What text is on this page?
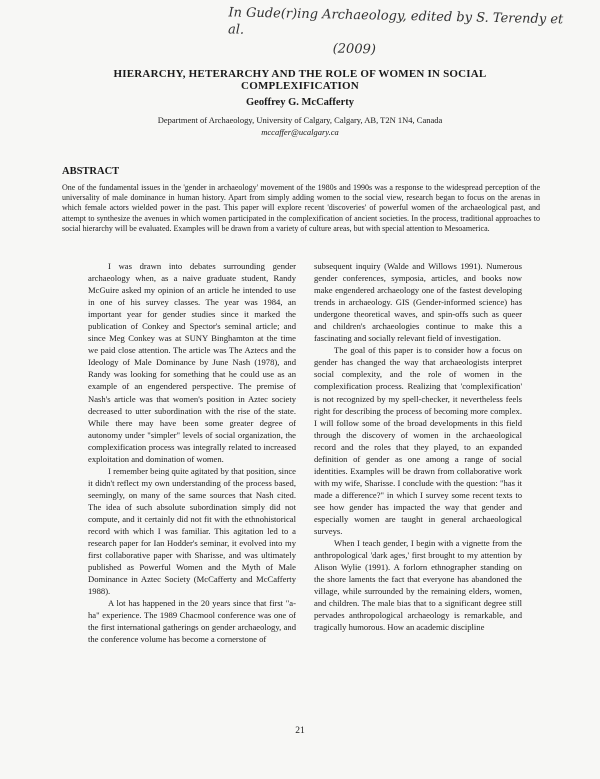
In Gude(r)ing Archaeology, edited by S. Terendy et al.
(2009)
HIERARCHY, HETERARCHY AND THE ROLE OF WOMEN IN SOCIAL
COMPLEXIFICATION
Geoffrey G. McCafferty
Department of Archaeology, University of Calgary, Calgary, AB, T2N 1N4, Canada
mccaffer@ucalgary.ca
ABSTRACT
One of the fundamental issues in the 'gender in archaeology' movement of the 1980s and 1990s was a response to the widespread perception of the universality of male dominance in human history. Apart from simply adding women to the social view, research began to focus on the arenas in which female actors wielded power in the past. This paper will explore recent 'discoveries' of powerful women of the archaeological past, and attempt to synthesize the avenues in which women participated in the complexification of ancient societies. In the process, traditional approaches to social hierarchy will be evaluated. Examples will be drawn from a variety of culture areas, but with special attention to Mesoamerica.

I was drawn into debates surrounding gender archaeology when, as a naive graduate student, Randy McGuire asked my opinion of an article he intended to use in one of his survey classes. The year was 1984, an important year for gender studies since it marked the publication of Conkey and Spector's seminal article; and since Meg Conkey was at SUNY Binghamton at the time we paid close attention. The article was The Aztecs and the Ideology of Male Dominance by June Nash (1978), and Randy was looking for something that he could use as an example of an engendered perspective. The premise of Nash's article was that women's position in Aztec society decreased to utter subordination with the rise of the state. While there may have been some greater degree of autonomy under "simpler" levels of social organization, the complexification process was integrally related to increased exploitation and domination of women.

I remember being quite agitated by that position, since it didn't reflect my own understanding of the process based, seemingly, on many of the same sources that Nash cited. The idea of such absolute subordination simply did not compute, and it certainly did not fit with the ethnohistorical record with which I was familiar. This agitation led to a research paper for Ian Hodder's seminar, it evolved into my first collaborative paper with Sharisse, and was ultimately published as Powerful Women and the Myth of Male Dominance in Aztec Society (McCafferty and McCafferty 1988).

A lot has happened in the 20 years since that first "a-ha" experience. The 1989 Chacmool conference was one of the first international gatherings on gender archaeology, and the conference volume has become a cornerstone of

subsequent inquiry (Walde and Willows 1991). Numerous gender conferences, symposia, articles, and books now make engendered archaeology one of the fastest developing trends in archaeology. GIS (Gender-informed science) has undergone theoretical waves, and spin-offs such as queer and children's archaeologies continue to make this a fascinating and socially relevant field of investigation.

The goal of this paper is to consider how a focus on gender has changed the way that archaeologists interpret social complexity, and the role of women in the complexification process. Realizing that 'complexification' is not recognized by my spell-checker, it nevertheless feels right for describing the process of becoming more complex. I will follow some of the broad developments in this field through the discovery of women in the archaeological record and the roles that they played, to an expanded definition of gender as one among a range of social identities. Examples will be drawn from collaborative work with my wife, Sharisse. I conclude with the question: "has it made a difference?" in which I survey some recent texts to see how gender has impacted the way that gender and especially women are taught in general archaeological surveys.

When I teach gender, I begin with a vignette from the anthropological 'dark ages,' first brought to my attention by Alison Wylie (1991). A forlorn ethnographer standing on the shore laments the fact that everyone has abandoned the village, while surrounded by the remaining elders, women, and children. The male bias that to a significant degree still pervades anthropological archaeology is remarkable, and tragically humorous. How an academic discipline

21
